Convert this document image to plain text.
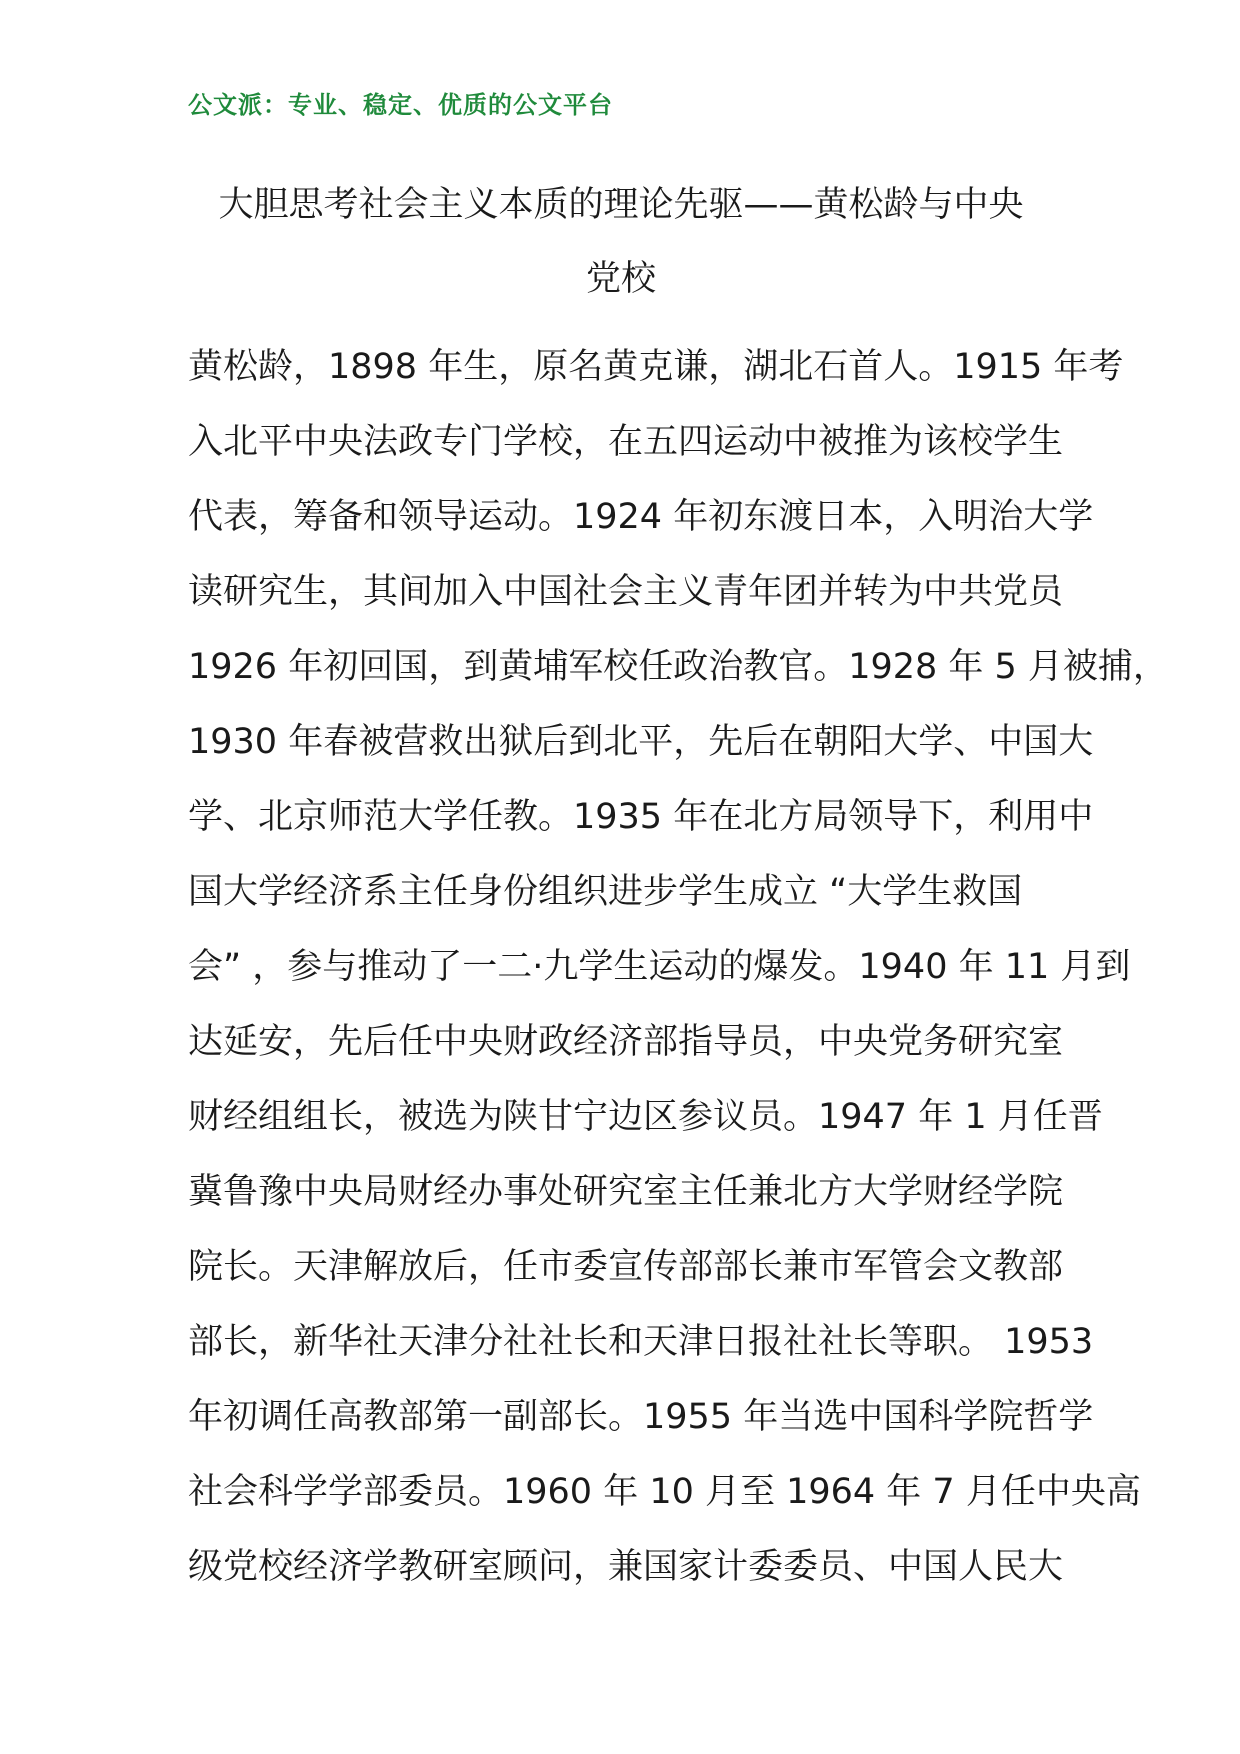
公文派：专业、稳定、优质的公文平台
大胆思考社会主义本质的理论先驱——黄松龄与中央
党校
黄松龄，1898 年生，原名黄克谦，湖北石首人。1915 年考
入北平中央法政专门学校，在五四运动中被推为该校学生
代表，筹备和领导运动。1924 年初东渡日本，入明治大学
读研究生，其间加入中国社会主义青年团并转为中共党员
1926 年初回国，到黄埔军校任政治教官。1928 年 5 月被捕，
1930 年春被营救出狱后到北平，先后在朝阳大学、中国大
学、北京师范大学任教。1935 年在北方局领导下，利用中
国大学经济系主任身份组织进步学生成立 “大学生救国
会” ，参与推动了一二·九学生运动的爆发。1940 年 11 月到
达延安，先后任中央财政经济部指导员，中央党务研究室
财经组组长，被选为陕甘宁边区参议员。1947 年 1 月任晋
冀鲁豫中央局财经办事处研究室主任兼北方大学财经学院
院长。天津解放后，任市委宣传部部长兼市军管会文教部
部长，新华社天津分社社长和天津日报社社长等职。 1953
年初调任高教部第一副部长。1955 年当选中国科学院哲学
社会科学学部委员。1960 年 10 月至 1964 年 7 月任中央高
级党校经济学教研室顾问，兼国家计委委员、中国人民大
